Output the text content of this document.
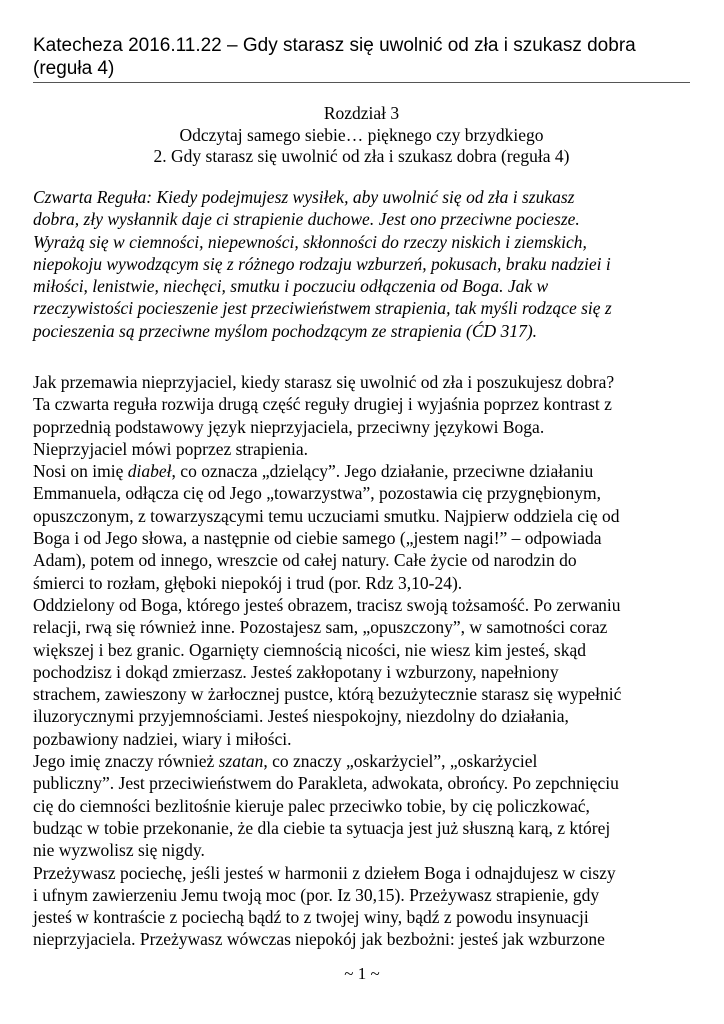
Katecheza 2016.11.22 – Gdy starasz się uwolnić od zła i szukasz dobra
(reguła 4)
Rozdział 3
Odczytaj samego siebie… pięknego czy brzydkiego
2. Gdy starasz się uwolnić od zła i szukasz dobra (reguła 4)
Czwarta Reguła: Kiedy podejmujesz wysiłek, aby uwolnić się od zła i szukasz
dobra, zły wysłannik daje ci strapienie duchowe. Jest ono przeciwne pociesze.
Wyrażą się w ciemności, niepewności, skłonności do rzeczy niskich i ziemskich,
niepokoju wywodzącym się z różnego rodzaju wzburzeń, pokusach, braku nadziei i
miłości, lenistwie, niechęci, smutku i poczuciu odłączenia od Boga. Jak w
rzeczywistości pocieszenie jest przeciwieństwem strapienia, tak myśli rodzące się z
pocieszenia są przeciwne myślom pochodzącym ze strapienia (ĆD 317).
Jak przemawia nieprzyjaciel, kiedy starasz się uwolnić od zła i poszukujesz dobra?
Ta czwarta reguła rozwija drugą część reguły drugiej i wyjaśnia poprzez kontrast z
poprzednią podstawowy język nieprzyjaciela, przeciwny językowi Boga.
Nieprzyjaciel mówi poprzez strapienia.
Nosi on imię diabeł, co oznacza „dzielący”. Jego działanie, przeciwne działaniu
Emmanuela, odłącza cię od Jego „towarzystwa”, pozostawia cię przygnębionym,
opuszczonym, z towarzyszącymi temu uczuciami smutku. Najpierw oddziela cię od
Boga i od Jego słowa, a następnie od ciebie samego („jestem nagi!” – odpowiada
Adam), potem od innego, wreszcie od całej natury. Całe życie od narodzin do
śmierci to rozłam, głęboki niepokój i trud (por. Rdz 3,10-24).
Oddzielony od Boga, którego jesteś obrazem, tracisz swoją tożsamość. Po zerwaniu
relacji, rwą się również inne. Pozostajesz sam, „opuszczony”, w samotności coraz
większej i bez granic. Ogarnięty ciemnością nicości, nie wiesz kim jesteś, skąd
pochodzisz i dokąd zmierzasz. Jesteś zakłopotany i wzburzony, napełniony
strachem, zawieszony w żarłocznej pustce, którą bezużytecznie starasz się wypełnić
iluzorycznymi przyjemnościami. Jesteś niespokojny, niezdolny do działania,
pozbawiony nadziei, wiary i miłości.
Jego imię znaczy również szatan, co znaczy „oskarżyciel”, „oskarżyciel
publiczny”. Jest przeciwieństwem do Parakleta, adwokata, obrońcy. Po zepchnięciu
cię do ciemności bezlitośnie kieruje palec przeciwko tobie, by cię policzkować,
budząc w tobie przekonanie, że dla ciebie ta sytuacja jest już słuszną karą, z której
nie wyzwolisz się nigdy.
Przeżywasz pociechę, jeśli jesteś w harmonii z dziełem Boga i odnajdujesz w ciszy
i ufnym zawierzeniu Jemu twoją moc (por. Iz 30,15). Przeżywasz strapienie, gdy
jesteś w kontraście z pociechą bądź to z twojej winy, bądź z powodu insynuacji
nieprzyjaciela. Przeżywasz wówczas niepokój jak bezbożni: jesteś jak wzburzone
~ 1 ~
